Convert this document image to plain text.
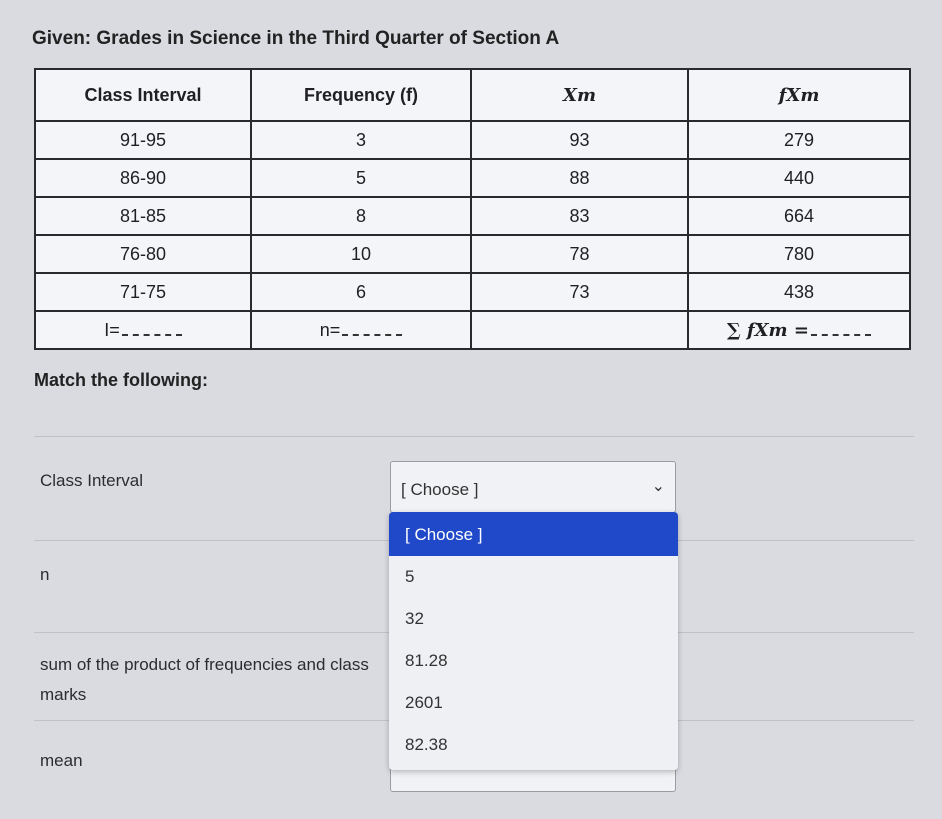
Given: Grades in Science in the Third Quarter of Section A
Class Interval	Frequency (f)	Xm	fXm
91-95	3	93	279
86-90	5	88	440
81-85	8	83	664
76-80	10	78	780
71-75	6	73	438
I=	n=		∑ fXm =
Match the following:
Class Interval
n
sum of the product of frequencies and class marks
mean
[ Choose ]	⌄
[ Choose ]
5
32
81.28
2601
82.38
